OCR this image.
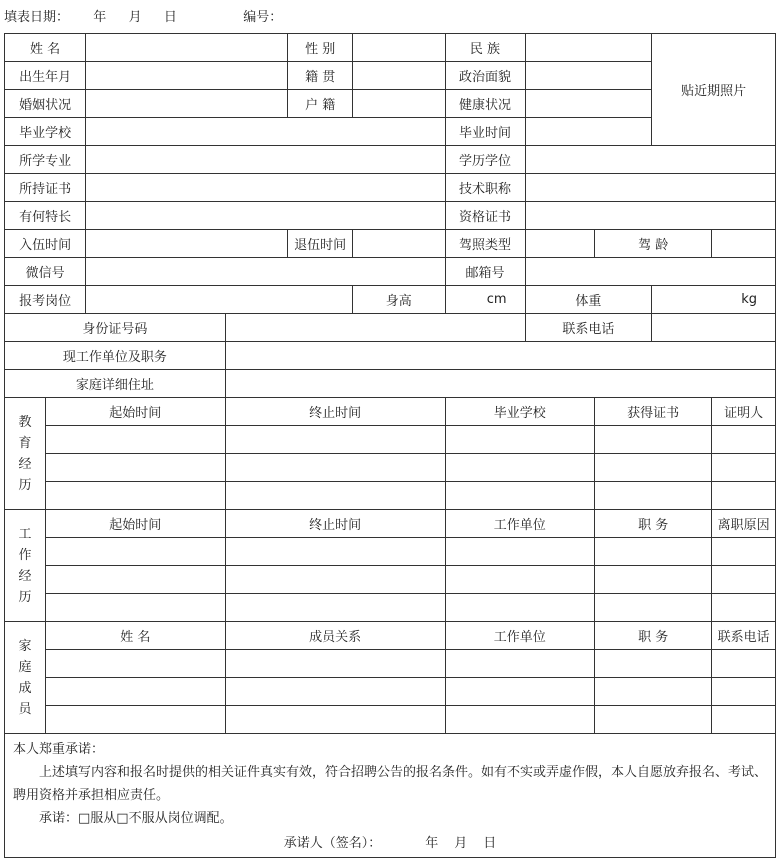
填表日期： 年 月 日	编号：
姓 名				性 别		民 族			贴近期照片	
出生年月				籍 贯		政治面貌				
婚姻状况				户 籍		健康状况				
毕业学校						毕业时间				
所学专业						学历学位				
所持证书						技术职称				
有何特长						资格证书				
入伍时间				退伍时间		驾照类型		驾 龄		
微信号						邮箱号				
报考岗位					身高	cm	体重		kg	
身份证号码							联系电话			
现工作单位及职务										
家庭详细住址										
教育经历	起始时间		终止时间			毕业学校		获得证书		证明人

工作经历	起始时间		终止时间			工作单位		职 务		离职原因

家庭成员	姓 名		成员关系			工作单位		职 务		联系电话

本人郑重承诺：
上述填写内容和报名时提供的相关证件真实有效，符合招聘公告的报名条件。如有不实或弄虚作假，本人自愿放弃报名、考试、聘用资格并承担相应责任。
承诺：□服从□不服从岗位调配。
承诺人（签名）： 年 月 日										
